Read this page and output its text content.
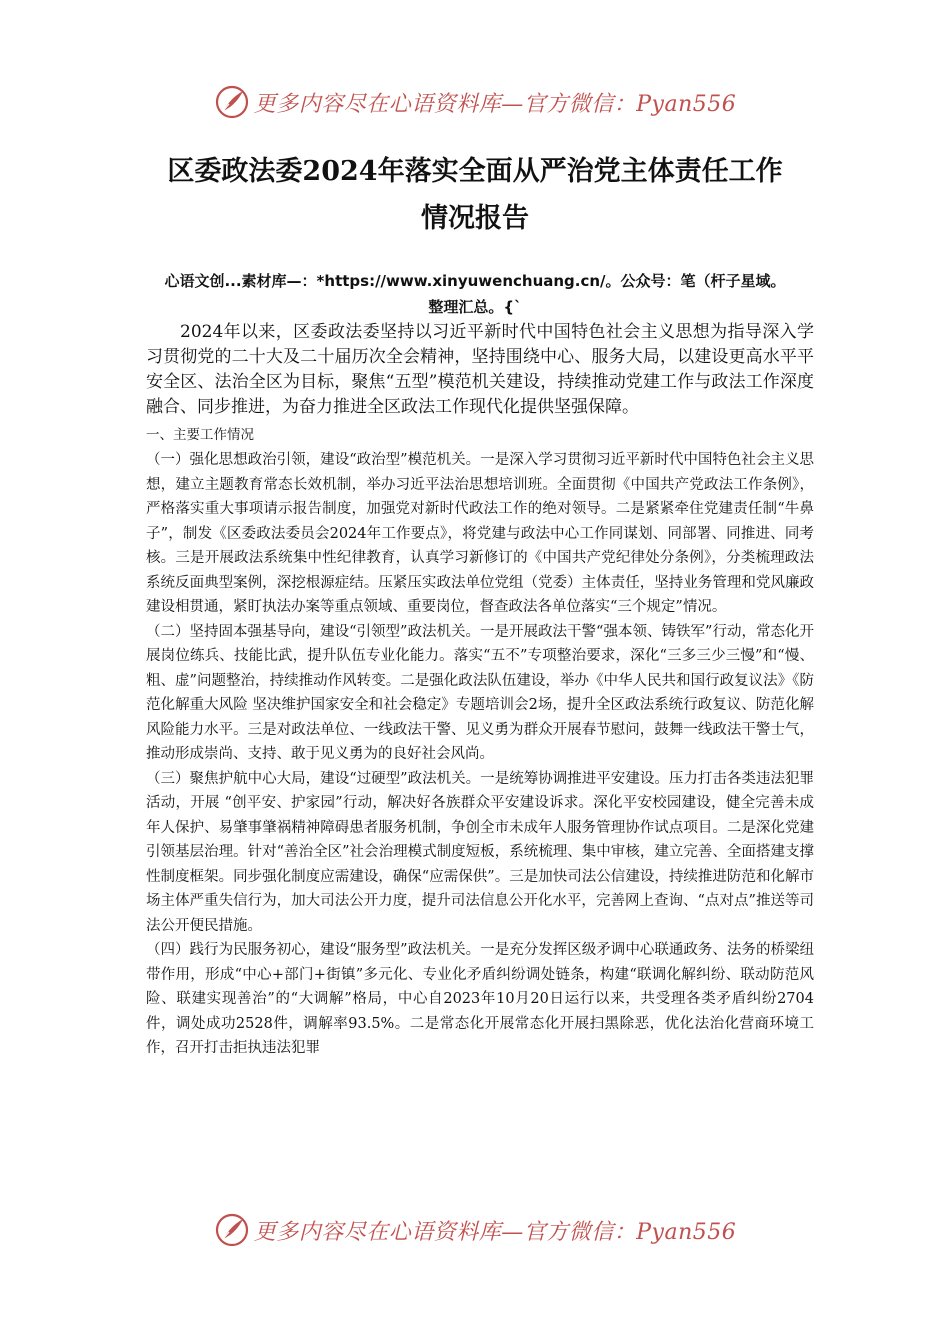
更多内容尽在心语资料库—官方微信：Pyan556
区委政法委2024年落实全面从严治党主体责任工作
情况报告
心语文创...素材库—：*https://www.xinyuwenchuang.cn/。公众号：笔（杆子星域。
整理汇总。{`

2024年以来，区委政法委坚持以习近平新时代中国特色社会主义思想为指导深入学习贯彻党的二十大及二十届历次全会精神，坚持围绕中心、服务大局，以建设更高水平平安全区、法治全区为目标，聚焦“五型”模范机关建设，持续推动党建工作与政法工作深度融合、同步推进，为奋力推进全区政法工作现代化提供坚强保障。

一、主要工作情况

（一）强化思想政治引领，建设“政治型”模范机关。一是深入学习贯彻习近平新时代中国特色社会主义思想，建立主题教育常态长效机制，举办习近平法治思想培训班。全面贯彻《中国共产党政法工作条例》，严格落实重大事项请示报告制度，加强党对新时代政法工作的绝对领导。二是紧紧牵住党建责任制“牛鼻子”，制发《区委政法委员会2024年工作要点》，将党建与政法中心工作同谋划、同部署、同推进、同考核。三是开展政法系统集中性纪律教育，认真学习新修订的《中国共产党纪律处分条例》，分类梳理政法系统反面典型案例，深挖根源症结。压紧压实政法单位党组（党委）主体责任，坚持业务管理和党风廉政建设相贯通，紧盯执法办案等重点领域、重要岗位，督查政法各单位落实“三个规定”情况。

（二）坚持固本强基导向，建设“引领型”政法机关。一是开展政法干警“强本领、铸铁军”行动，常态化开展岗位练兵、技能比武，提升队伍专业化能力。落实“五不”专项整治要求，深化“三多三少三慢”和“慢、粗、虚”问题整治，持续推动作风转变。二是强化政法队伍建设，举办《中华人民共和国行政复议法》《防范化解重大风险 坚决维护国家安全和社会稳定》专题培训会2场，提升全区政法系统行政复议、防范化解风险能力水平。三是对政法单位、一线政法干警、见义勇为群众开展春节慰问，鼓舞一线政法干警士气，推动形成崇尚、支持、敢于见义勇为的良好社会风尚。

（三）聚焦护航中心大局，建设“过硬型”政法机关。一是统筹协调推进平安建设。压力打击各类违法犯罪活动，开展 “创平安、护家园”行动，解决好各族群众平安建设诉求。深化平安校园建设，健全完善未成年人保护、易肇事肇祸精神障碍患者服务机制，争创全市未成年人服务管理协作试点项目。二是深化党建引领基层治理。针对“善治全区”社会治理模式制度短板，系统梳理、集中审核，建立完善、全面搭建支撑性制度框架。同步强化制度应需建设，确保“应需保供”。三是加快司法公信建设，持续推进防范和化解市场主体严重失信行为，加大司法公开力度，提升司法信息公开化水平，完善网上查询、“点对点”推送等司法公开便民措施。

（四）践行为民服务初心，建设“服务型”政法机关。一是充分发挥区级矛调中心联通政务、法务的桥梁纽带作用，形成“中心+部门+街镇”多元化、专业化矛盾纠纷调处链条，构建“联调化解纠纷、联动防范风险、联建实现善治”的“大调解”格局，中心自2023年10月20日运行以来，共受理各类矛盾纠纷2704件，调处成功2528件，调解率93.5%。二是常态化开展常态化开展扫黑除恶，优化法治化营商环境工作，召开打击拒执违法犯罪

更多内容尽在心语资料库—官方微信：Pyan556
